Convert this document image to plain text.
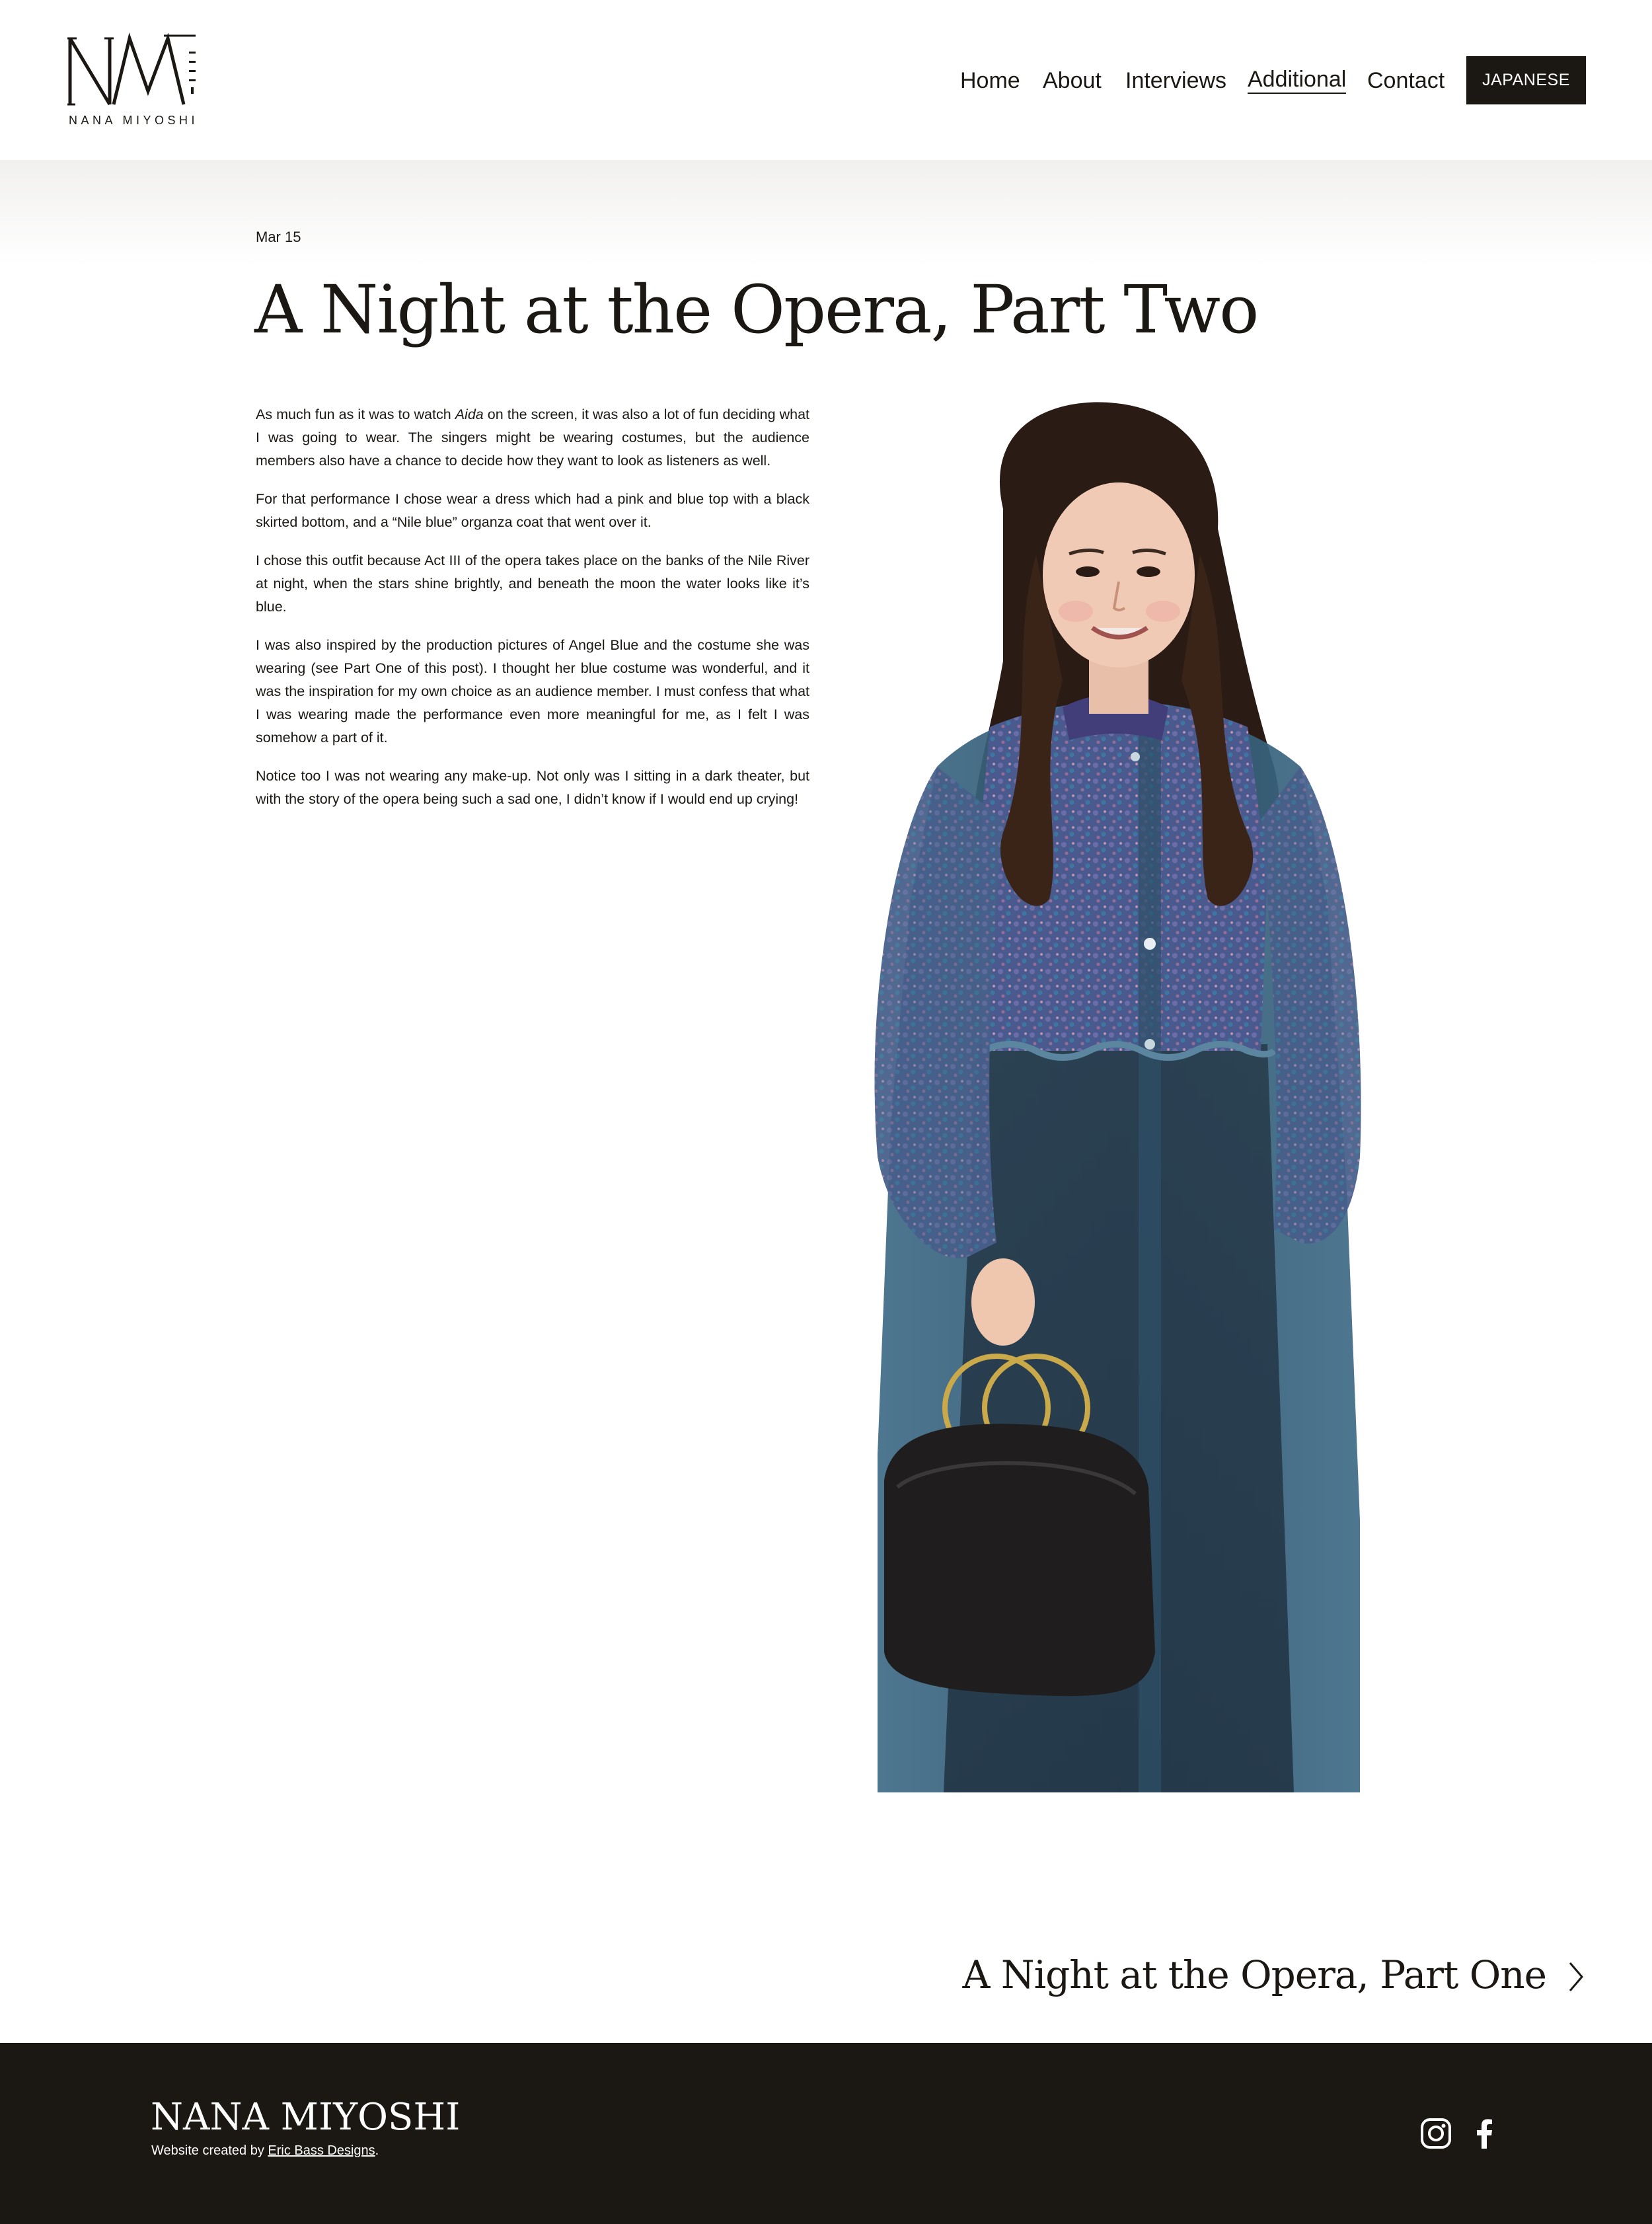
NANA MIYOSHI
Home About Interviews Additional Contact	JAPANESE
Mar 15
A Night at the Opera, Part Two

As much fun as it was to watch Aida on the screen, it was also a lot of fun deciding what I was going to wear. The singers might be wearing costumes, but the audience members also have a chance to decide how they want to look as listeners as well.

For that performance I chose wear a dress which had a pink and blue top with a black skirted bottom, and a “Nile blue” organza coat that went over it.

I chose this outfit because Act III of the opera takes place on the banks of the Nile River at night, when the stars shine brightly, and beneath the moon the water looks like it’s blue.

I was also inspired by the production pictures of Angel Blue and the costume she was wearing (see Part One of this post). I thought her blue costume was wonderful, and it was the inspiration for my own choice as an audience member. I must confess that what I was wearing made the performance even more meaningful for me, as I felt I was somehow a part of it.

Notice too I was not wearing any make-up. Not only was I sitting in a dark theater, but with the story of the opera being such a sad one, I didn’t know if I would end up crying!

A Night at the Opera, Part One
NANA MIYOSHI
Website created by Eric Bass Designs.
